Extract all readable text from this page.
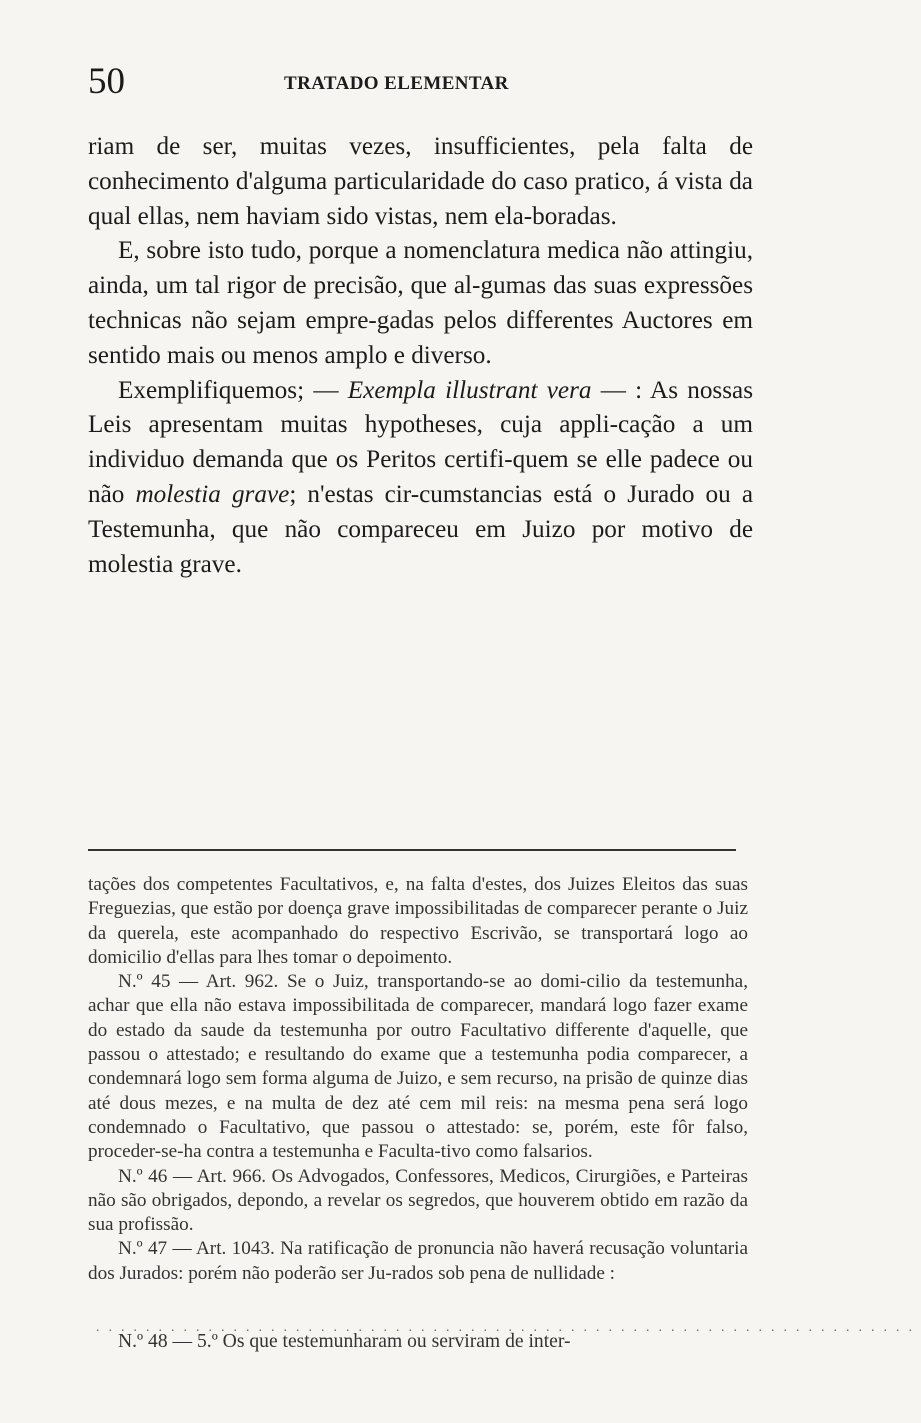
50	TRATADO ELEMENTAR

riam de ser, muitas vezes, insufficientes, pela falta de conhecimento d'alguma particularidade do caso pratico, á vista da qual ellas, nem haviam sido vistas, nem ela-boradas.

E, sobre isto tudo, porque a nomenclatura medica não attingiu, ainda, um tal rigor de precisão, que al-gumas das suas expressões technicas não sejam empre-gadas pelos differentes Auctores em sentido mais ou menos amplo e diverso.

Exemplifiquemos; — Exempla illustrant vera — : As nossas Leis apresentam muitas hypotheses, cuja appli-cação a um individuo demanda que os Peritos certifi-quem se elle padece ou não molestia grave; n'estas cir-cumstancias está o Jurado ou a Testemunha, que não compareceu em Juizo por motivo de molestia grave.

tações dos competentes Facultativos, e, na falta d'estes, dos Juizes Eleitos das suas Freguezias, que estão por doença grave impossibilitadas de comparecer perante o Juiz da querela, este acompanhado do respectivo Escrivão, se transportará logo ao domicilio d'ellas para lhes tomar o depoimento.

N.º 45 — Art. 962. Se o Juiz, transportando-se ao domi-cilio da testemunha, achar que ella não estava impossibilitada de comparecer, mandará logo fazer exame do estado da saude da testemunha por outro Facultativo differente d'aquelle, que passou o attestado; e resultando do exame que a testemunha podia comparecer, a condemnará logo sem forma alguma de Juizo, e sem recurso, na prisão de quinze dias até dous mezes, e na multa de dez até cem mil reis: na mesma pena será logo condemnado o Facultativo, que passou o attestado: se, porém, este fôr falso, proceder-se-ha contra a testemunha e Faculta-tivo como falsarios.

N.º 46 — Art. 966. Os Advogados, Confessores, Medicos, Cirurgiões, e Parteiras não são obrigados, depondo, a revelar os segredos, que houverem obtido em razão da sua profissão.

N.º 47 — Art. 1043. Na ratificação de pronuncia não haverá recusação voluntaria dos Jurados: porém não poderão ser Ju-rados sob pena de nullidade :

..................................................................
N.º 48 — 5.º Os que testemunharam ou serviram de inter-
